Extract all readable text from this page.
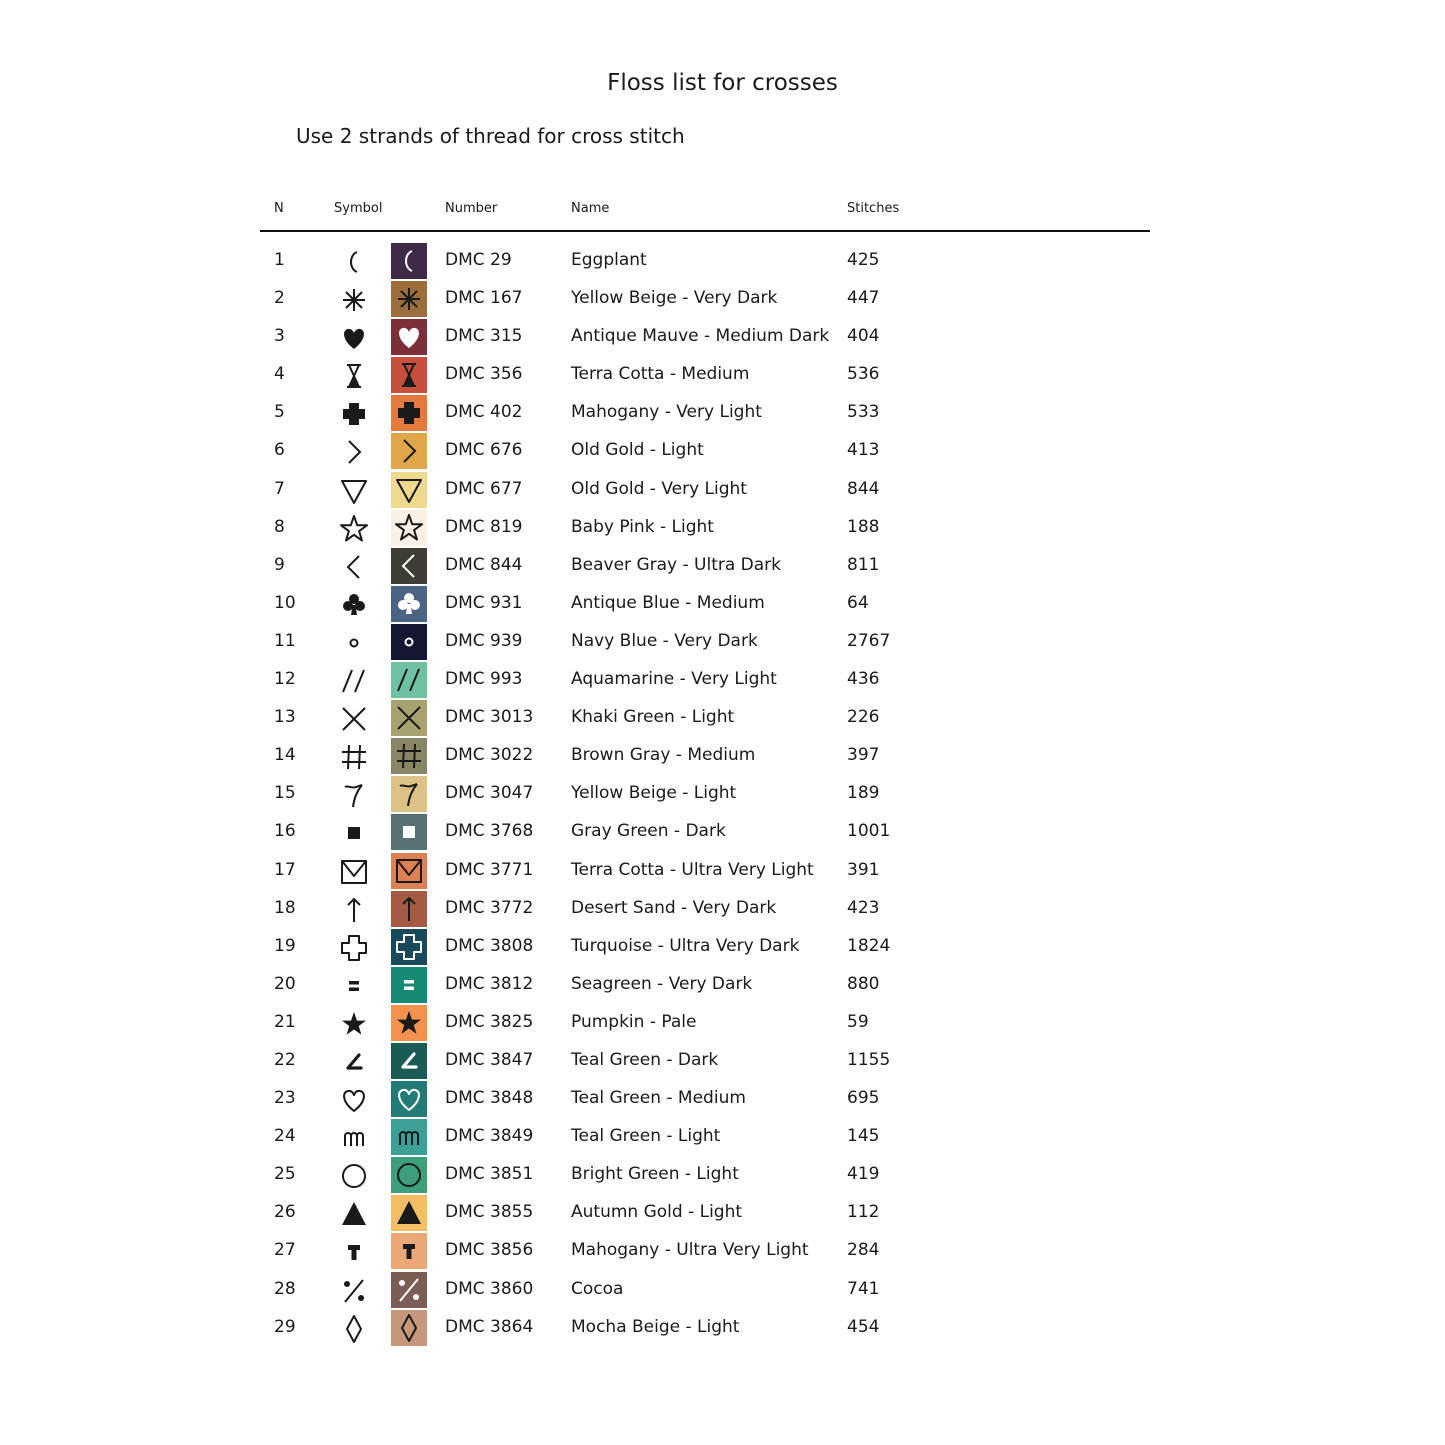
Floss list for crosses
Use 2 strands of thread for cross stitch
N	Symbol	Number	Name	Stitches
1	DMC 29	Eggplant	425
2	DMC 167	Yellow Beige - Very Dark	447
3	DMC 315	Antique Mauve - Medium Dark 404
4	DMC 356	Terra Cotta - Medium	536
5	DMC 402	Mahogany - Very Light	533
6	DMC 676	Old Gold - Light	413
7	DMC 677	Old Gold - Very Light	844
8	DMC 819	Baby Pink - Light	188
9	DMC 844	Beaver Gray - Ultra Dark	811
10	DMC 931	Antique Blue - Medium	64
11	DMC 939	Navy Blue - Very Dark	2767
12	DMC 993	Aquamarine - Very Light	436
13	DMC 3013 Khaki Green - Light	226
14	DMC 3022 Brown Gray - Medium	397
15	DMC 3047 Yellow Beige - Light	189
16	DMC 3768 Gray Green - Dark	1001
17	DMC 3771 Terra Cotta - Ultra Very Light 391
18	DMC 3772 Desert Sand - Very Dark	423
19	DMC 3808 Turquoise - Ultra Very Dark	1824
20	DMC 3812 Seagreen - Very Dark	880
21	DMC 3825 Pumpkin - Pale	59
22	DMC 3847 Teal Green - Dark	1155
23	DMC 3848 Teal Green - Medium	695
24	DMC 3849 Teal Green - Light	145
25	DMC 3851 Bright Green - Light	419
26	DMC 3855 Autumn Gold - Light	112
27	DMC 3856 Mahogany - Ultra Very Light 284
28	DMC 3860 Cocoa	741
29	DMC 3864 Mocha Beige - Light	454
